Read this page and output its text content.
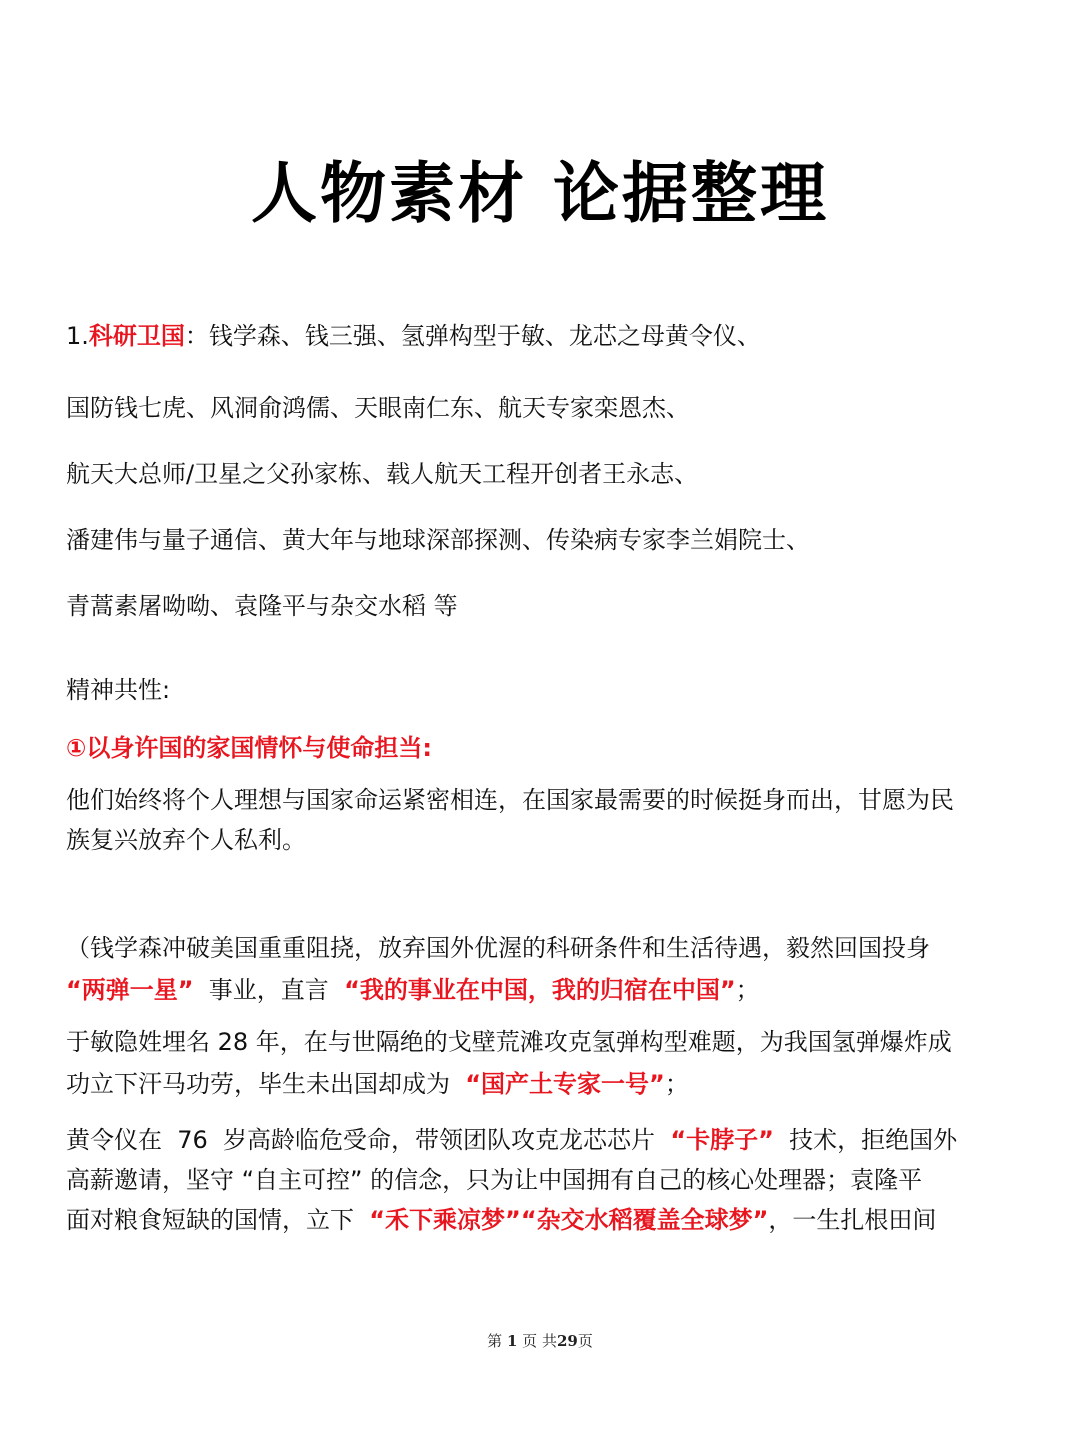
人物素材 论据整理
1.科研卫国：钱学森、钱三强、氢弹构型于敏、龙芯之母黄令仪、
国防钱七虎、风洞俞鸿儒、天眼南仁东、航天专家栾恩杰、
航天大总师/卫星之父孙家栋、载人航天工程开创者王永志、
潘建伟与量子通信、黄大年与地球深部探测、传染病专家李兰娟院士、
青蒿素屠呦呦、袁隆平与杂交水稻 等
精神共性:
①以身许国的家国情怀与使命担当:
他们始终将个人理想与国家命运紧密相连，在国家最需要的时候挺身而出，甘愿为民
族复兴放弃个人私利。
（钱学森冲破美国重重阻挠，放弃国外优渥的科研条件和生活待遇，毅然回国投身
“两弹一星”  事业，直言  “我的事业在中国，我的归宿在中国”；
于敏隐姓埋名 28 年，在与世隔绝的戈壁荒滩攻克氢弹构型难题，为我国氢弹爆炸成
功立下汗马功劳，毕生未出国却成为  “国产土专家一号”；
黄令仪在  76  岁高龄临危受命，带领团队攻克龙芯芯片  “卡脖子”  技术，拒绝国外
高薪邀请，坚守 “自主可控” 的信念，只为让中国拥有自己的核心处理器；袁隆平
面对粮食短缺的国情，立下  “禾下乘凉梦”“杂交水稻覆盖全球梦”，一生扎根田间
第 1 页 共29页
